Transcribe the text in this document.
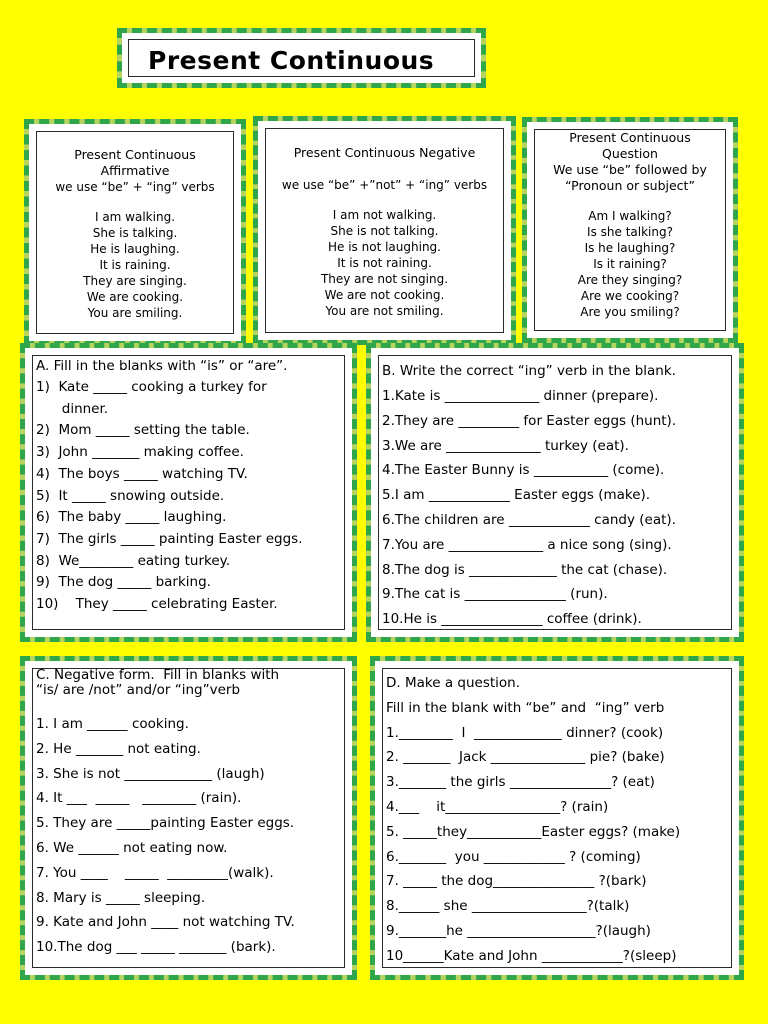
Present Continuous

Present Continuous

Affirmative

we use “be” + “ing” verbs

I am walking.

She is talking.

He is laughing.

It is raining.

They are singing.

We are cooking.

You are smiling.

Present Continuous Negative

we use “be” +”not” + “ing” verbs

I am not walking.

She is not talking.

He is not laughing.

It is not raining.

They are not singing.

We are not cooking.

You are not smiling.

Present Continuous

Question

We use “be” followed by

“Pronoun or subject”

Am I walking?

Is she talking?

Is he laughing?

Is it raining?

Are they singing?

Are we cooking?

Are you smiling?

A. Fill in the blanks with “is” or “are”.

1)  Kate _____ cooking a turkey for

dinner.

2)  Mom _____ setting the table.

3)  John _______ making coffee.

4)  The boys _____ watching TV.

5)  It _____ snowing outside.

6)  The baby _____ laughing.

7)  The girls _____ painting Easter eggs.

8)  We________ eating turkey.

9)  The dog _____ barking.

10)    They _____ celebrating Easter.

B. Write the correct “ing” verb in the blank.

1.Kate is ______________ dinner (prepare).

2.They are _________ for Easter eggs (hunt).

3.We are ______________ turkey (eat).

4.The Easter Bunny is ___________ (come).

5.I am ____________ Easter eggs (make).

6.The children are ____________ candy (eat).

7.You are ______________ a nice song (sing).

8.The dog is _____________ the cat (chase).

9.The cat is _______________ (run).

10.He is _______________ coffee (drink).

C. Negative form.  Fill in blanks with

“is/ are /not” and/or “ing”verb

1. I am ______ cooking.

2. He _______ not eating.

3. She is not _____________ (laugh)

4. It ___  _____   ________ (rain).

5. They are _____painting Easter eggs.

6. We ______ not eating now.

7. You ____    _____  _________(walk).

8. Mary is _____ sleeping.

9. Kate and John ____ not watching TV.

10.The dog ___ _____ _______ (bark).

D. Make a question.

Fill in the blank with “be” and  “ing” verb

1.________  I  _____________ dinner? (cook)

2. _______  Jack ______________ pie? (bake)

3._______ the girls _______________? (eat)

4.___    it_________________? (rain)

5. _____they___________Easter eggs? (make)

6._______  you ____________ ? (coming)

7. _____ the dog_______________ ?(bark)

8.______ she _________________?(talk)

9._______he ___________________?(laugh)

10______Kate and John ____________?(sleep)
